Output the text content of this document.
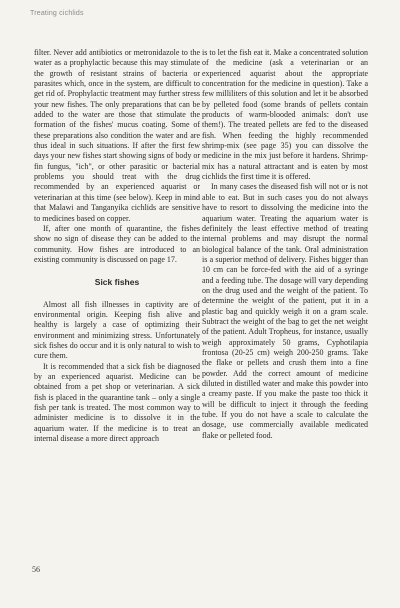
Treating cichlids

filter. Never add antibiotics or metronidazole to the water as a prophylactic because this may stimulate the growth of resistant strains of bacteria or parasites which, once in the system, are difficult to get rid of. Prophylactic treatment may further stress your new fishes. The only preparations that can be added to the water are those that stimulate the formation of the fishes' mucus coating. Some of these preparations also condition the water and are thus ideal in such situations. If after the first few days your new fishes start showing signs of body or fin fungus, "ich", or other parasitic or bacterial problems you should treat with the drug recommended by an experienced aquarist or veterinarian at this time (see below). Keep in mind that Malawi and Tanganyika cichlids are sensitive to medicines based on copper.

If, after one month of quarantine, the fishes show no sign of disease they can be added to the community. How fishes are introduced to an existing community is discussed on page 17.

Sick fishes

Almost all fish illnesses in captivity are of environmental origin. Keeping fish alive and healthy is largely a case of optimizing their environment and minimizing stress. Unfortunately sick fishes do occur and it is only natural to wish to cure them.

It is recommended that a sick fish be diagnosed by an experienced aquarist. Medicine can be obtained from a pet shop or veterinarian. A sick fish is placed in the quarantine tank – only a single fish per tank is treated. The most common way to administer medicine is to dissolve it in the aquarium water. If the medicine is to treat an internal disease a more direct approach

is to let the fish eat it. Make a concentrated solution of the medicine (ask a veterinarian or an experienced aquarist about the appropriate concentration for the medicine in question). Take a few milliliters of this solution and let it be absorbed by pelleted food (some brands of pellets contain products of warm-blooded animals: don't use them!). The treated pellets are fed to the diseased fish. When feeding the highly recommended shrimp-mix (see page 35) you can dissolve the medicine in the mix just before it hardens. Shrimp-mix has a natural attractant and is eaten by most cichlids the first time it is offered.

In many cases the diseased fish will not or is not able to eat. But in such cases you do not always have to resort to dissolving the medicine into the aquarium water. Treating the aquarium water is definitely the least effective method of treating internal problems and may disrupt the normal biological balance of the tank. Oral administration is a superior method of delivery. Fishes bigger than 10 cm can be force-fed with the aid of a syringe and a feeding tube. The dosage will vary depending on the drug used and the weight of the patient. To determine the weight of the patient, put it in a plastic bag and quickly weigh it on a gram scale. Subtract the weight of the bag to get the net weight of the patient. Adult Tropheus, for instance, usually weigh approximately 50 grams, Cyphotilapia frontosa (20-25 cm) weigh 200-250 grams. Take the flake or pellets and crush them into a fine powder. Add the correct amount of medicine diluted in distilled water and make this powder into a creamy paste. If you make the paste too thick it will be difficult to inject it through the feeding tube. If you do not have a scale to calculate the dosage, use commercially available medicated flake or pelleted food.

56
